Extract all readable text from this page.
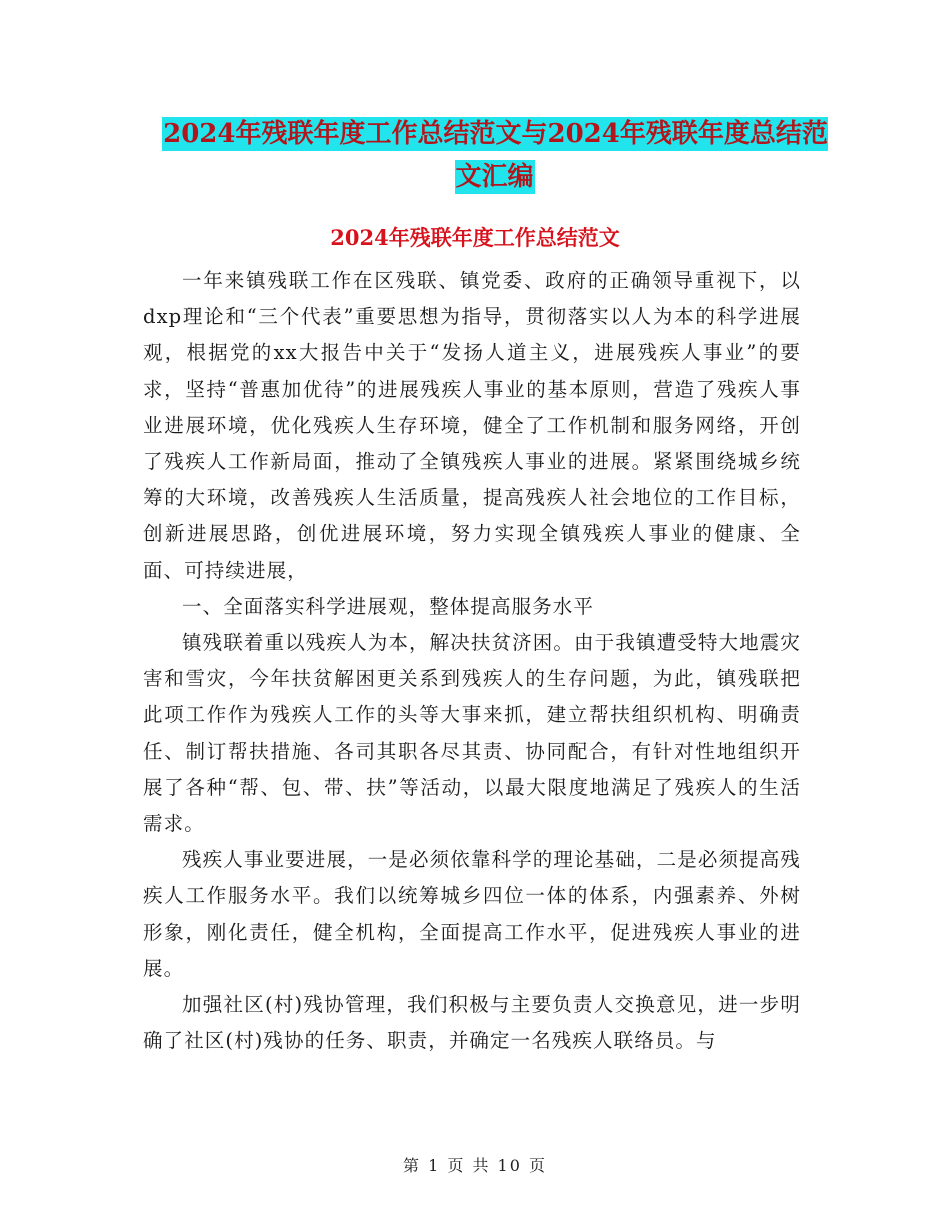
2024年残联年度工作总结范文与2024年残联年度总结范文汇编
2024年残联年度工作总结范文

一年来镇残联工作在区残联、镇党委、政府的正确领导重视下，以dxp理论和“三个代表”重要思想为指导，贯彻落实以人为本的科学进展观，根据党的xx大报告中关于“发扬人道主义，进展残疾人事业”的要求，坚持“普惠加优待”的进展残疾人事业的基本原则，营造了残疾人事业进展环境，优化残疾人生存环境，健全了工作机制和服务网络，开创了残疾人工作新局面，推动了全镇残疾人事业的进展。紧紧围绕城乡统筹的大环境，改善残疾人生活质量，提高残疾人社会地位的工作目标，创新进展思路，创优进展环境，努力实现全镇残疾人事业的健康、全面、可持续进展，

一、全面落实科学进展观，整体提高服务水平

镇残联着重以残疾人为本，解决扶贫济困。由于我镇遭受特大地震灾害和雪灾，今年扶贫解困更关系到残疾人的生存问题，为此，镇残联把此项工作作为残疾人工作的头等大事来抓，建立帮扶组织机构、明确责任、制订帮扶措施、各司其职各尽其责、协同配合，有针对性地组织开展了各种“帮、包、带、扶”等活动，以最大限度地满足了残疾人的生活需求。

残疾人事业要进展，一是必须依靠科学的理论基础，二是必须提高残疾人工作服务水平。我们以统筹城乡四位一体的体系，内强素养、外树形象，刚化责任，健全机构，全面提高工作水平，促进残疾人事业的进展。

加强社区(村)残协管理，我们积极与主要负责人交换意见，进一步明确了社区(村)残协的任务、职责，并确定一名残疾人联络员。与

第 1 页 共 10 页
